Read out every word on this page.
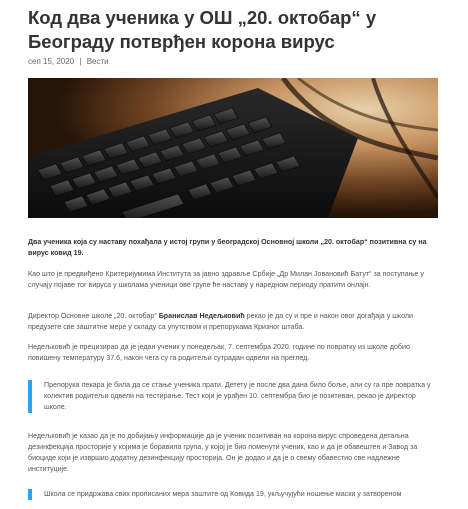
Код два ученика у ОШ „20. октобар“ у Београду потврђен корона вирус
сеп 15, 2020 | Вести

Два ученика која су наставу похађала у истој групи у београдској Основној школи „20. октобар“ позитивна су на вирус ковид 19.

Као што је предвиђено Критеријумима Института за јавно здравље Србије „Др Милан Јовановић Батут“ за поступање у случају појаве тог вируса у школама ученици ове групе ће наставу у наредном периоду пратити онлајн.

Директор Основне школе „20. октобар“ Бранислав Недељковић рекао је да су и пре и након овог догађаја у школи предузете све заштитне мере у складу са упутством и препорукама Кризног штаба.

Недељковић је прецизирао да је један ученик у понедељак, 7. септембра 2020. године по повратку из школе добио повишену температуру 37.6, након чега су га родитељи сутрадан одвели на преглед.

Препорука лекара је била да се стање ученика прати. Детету је после два дана било боље, али су га пре повратка у колектив родитељи одвели на тестирање. Тест који је урађен 10. септембра био је позитиван, рекао је директор школе.

Недељковић је казао да је по добијању информације да је ученик позитиван на корона вирус спроведена детаљна дезинфекција просторије у којима је боравила група, у којој је био поменути ученик, као и да је обавештен и Завод за биоциде који је извршио додатну дезинфекцију просторија. Он је додао и да је о свему обавестио све надлежне институције.

Школа се придржава свих прописаних мера заштите од Ковида 19, укључујући ношење маски у затвореном
